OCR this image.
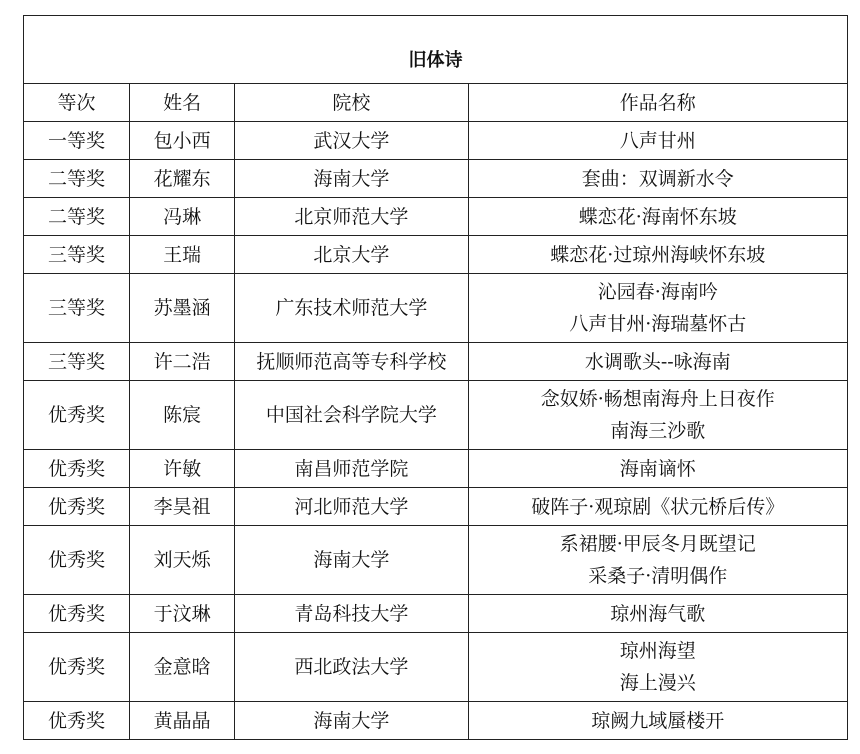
旧体诗			
等次	姓名	院校	作品名称
一等奖	包小西	武汉大学	八声甘州

二等奖	花耀东	海南大学	套曲：双调新水令

二等奖	冯琳	北京师范大学	蝶恋花·海南怀东坡

三等奖	王瑞	北京大学	蝶恋花·过琼州海峡怀东坡

三等奖	苏墨涵	广东技术师范大学	沁园春·海南吟
八声甘州·海瑞墓怀古

三等奖	许二浩	抚顺师范高等专科学校	水调歌头--咏海南

优秀奖	陈宸	中国社会科学院大学	念奴娇·畅想南海舟上日夜作
南海三沙歌

优秀奖	许敏	南昌师范学院	海南谪怀

优秀奖	李昊祖	河北师范大学	破阵子·观琼剧《状元桥后传》

优秀奖	刘天烁	海南大学	系裙腰·甲辰冬月既望记
采桑子·清明偶作

优秀奖	于汶琳	青岛科技大学	琼州海气歌

优秀奖	金意晗	西北政法大学	琼州海望
海上漫兴

优秀奖	黄晶晶	海南大学	琼阙九域蜃楼开
